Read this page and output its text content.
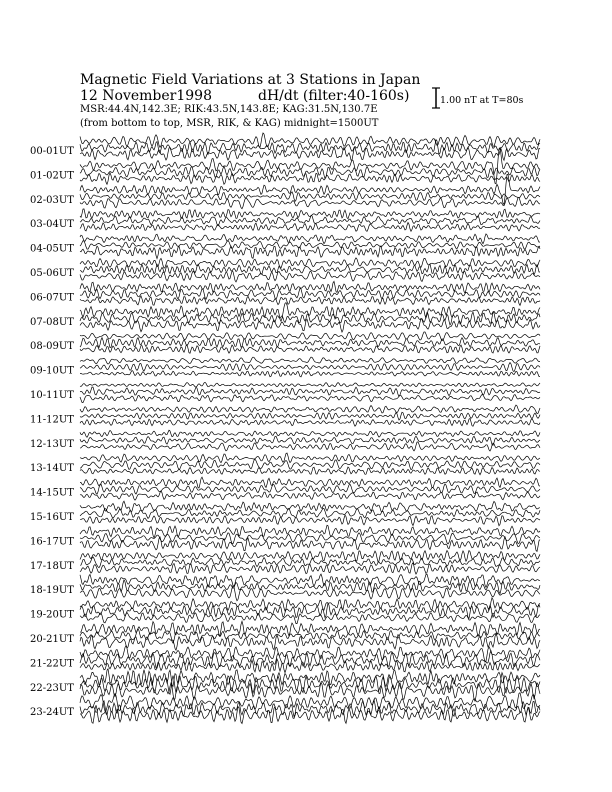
Magnetic Field Variations at 3 Stations in Japan
12 November1998	dH/dt (filter:40-160s)
MSR:44.4N,142.3E; RIK:43.5N,143.8E; KAG:31.5N,130.7E
(from bottom to top, MSR, RIK, & KAG) midnight=1500UT
1.00 nT at T=80s
00-01UT
01-02UT
02-03UT
03-04UT
04-05UT
05-06UT
06-07UT
07-08UT
08-09UT
09-10UT
10-11UT
11-12UT
12-13UT
13-14UT
14-15UT
15-16UT
16-17UT
17-18UT
18-19UT
19-20UT
20-21UT
21-22UT
22-23UT
23-24UT
